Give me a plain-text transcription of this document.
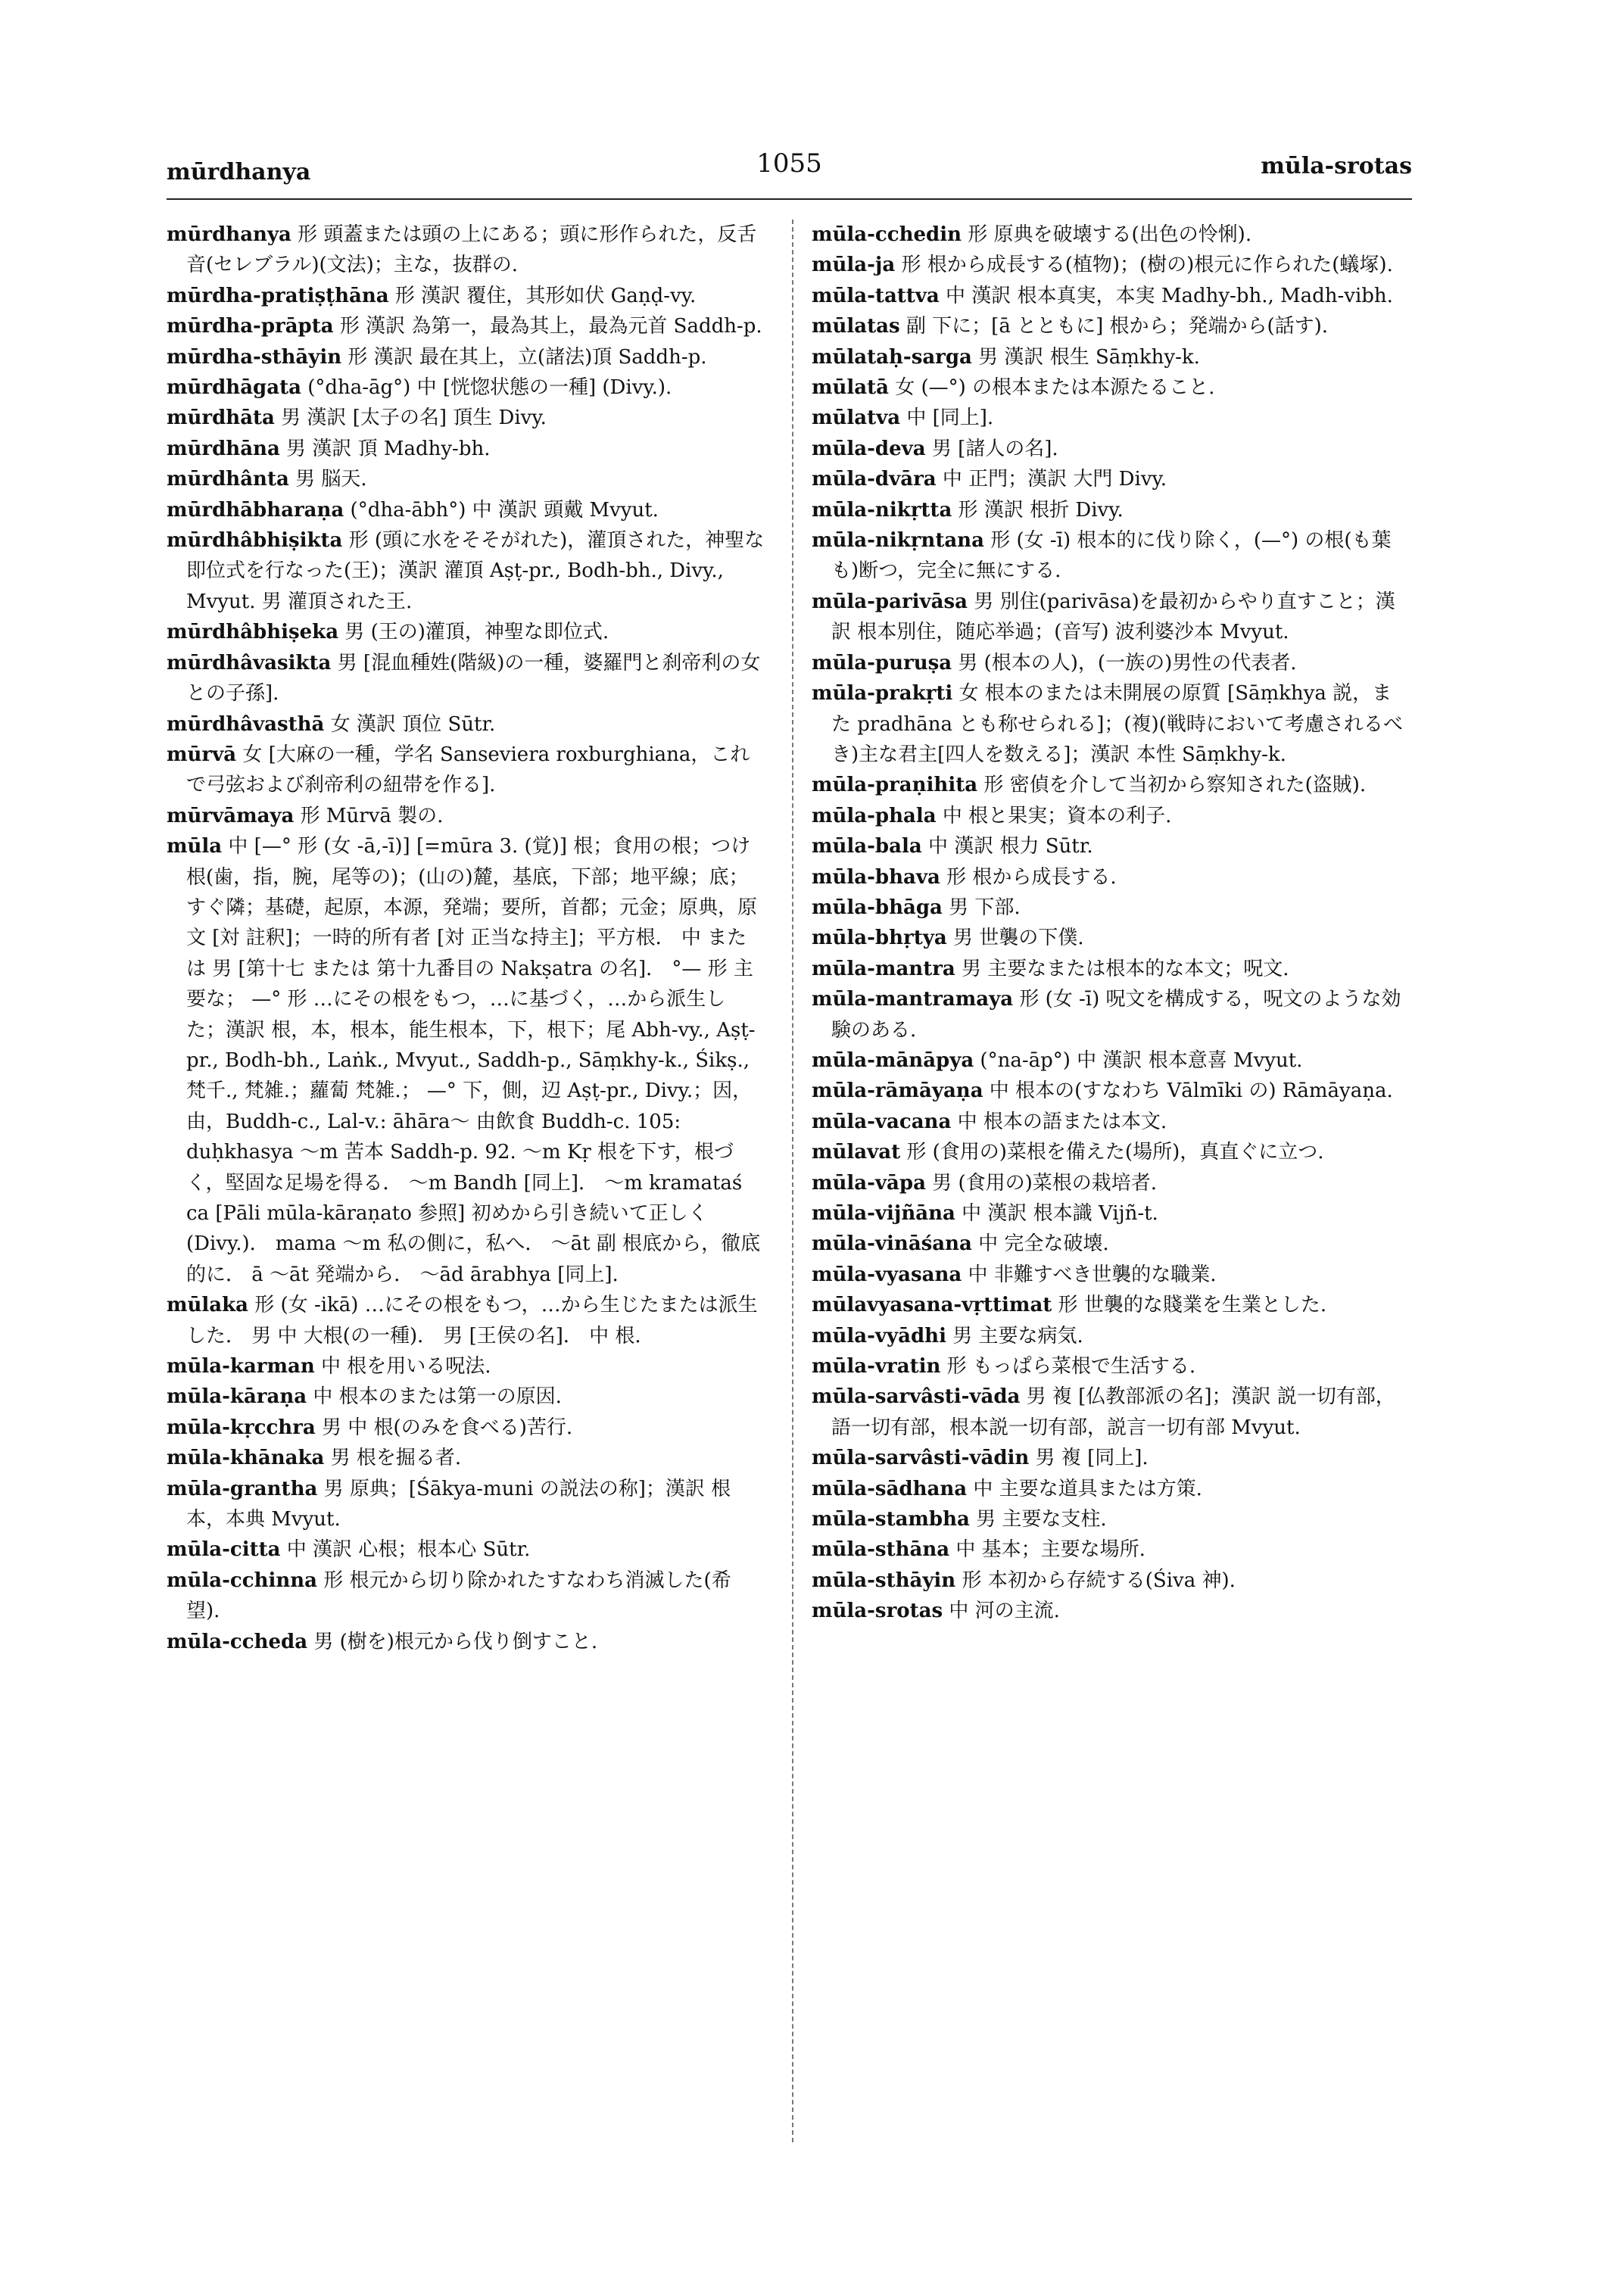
mūrdhanya	1055	mūla-srotas

mūrdhanya 形 頭蓋または頭の上にある；頭に形作られた，反舌音(セレブラル)(文法)；主な，抜群の.

mūrdha-pratiṣṭhāna 形 漢訳 覆住，其形如伏 Gaṇḍ-vy.

mūrdha-prāpta 形 漢訳 為第一，最為其上，最為元首 Saddh-p.

mūrdha-sthāyin 形 漢訳 最在其上，立(諸法)頂 Saddh-p.

mūrdhāgata (°dha-āg°) 中 [恍惚状態の一種] (Divy.).

mūrdhāta 男 漢訳 [太子の名] 頂生 Divy.

mūrdhāna 男 漢訳 頂 Madhy-bh.

mūrdhânta 男 脳天.

mūrdhābharaṇa (°dha-ābh°) 中 漢訳 頭戴 Mvyut.

mūrdhâbhiṣikta 形 (頭に水をそそがれた)，灌頂された，神聖な即位式を行なった(王)；漢訳 灌頂 Aṣṭ-pr., Bodh-bh., Divy., Mvyut. 男 灌頂された王.

mūrdhâbhiṣeka 男 (王の)灌頂，神聖な即位式.

mūrdhâvasikta 男 [混血種姓(階級)の一種，婆羅門と刹帝利の女との子孫].

mūrdhâvasthā 女 漢訳 頂位 Sūtr.

mūrvā 女 [大麻の一種，学名 Sanseviera roxburghiana，これで弓弦および刹帝利の紐帯を作る].

mūrvāmaya 形 Mūrvā 製の.

mūla 中 [—° 形 (女 -ā,-ī)] [=mūra 3. (覚)] 根；食用の根；つけ根(歯，指，腕，尾等の)；(山の)麓，基底，下部；地平線；底；すぐ隣；基礎，起原，本源，発端；要所，首都；元金；原典，原文 [対 註釈]；一時的所有者 [対 正当な持主]；平方根． 中 または 男 [第十七 または 第十九番目の Nakṣatra の名]． °— 形 主要な； —° 形 …にその根をもつ，…に基づく，…から派生した；漢訳 根，本，根本，能生根本，下，根下；尾 Abh-vy., Aṣṭ-pr., Bodh-bh., Laṅk., Mvyut., Saddh-p., Sāṃkhy-k., Śikṣ., 梵千., 梵雑.；蘿蔔 梵雑.； —° 下，側，辺 Aṣṭ-pr., Divy.；因，由，Buddh-c., Lal-v.: āhāra～ 由飲食 Buddh-c. 105: duḥkhasya ～m 苦本 Saddh-p. 92. ～m Kṛ 根を下す，根づく，堅固な足場を得る． ～m Bandh [同上]． ～m kramataś ca [Pāli mūla-kāraṇato 参照] 初めから引き続いて正しく(Divy.)． mama ～m 私の側に，私へ． ～āt 副 根底から，徹底的に． ā ～āt 発端から． ～ād ārabhya [同上].

mūlaka 形 (女 -ikā) …にその根をもつ，…から生じたまたは派生した． 男 中 大根(の一種)． 男 [王侯の名]． 中 根.

mūla-karman 中 根を用いる呪法.

mūla-kāraṇa 中 根本のまたは第一の原因.

mūla-kṛcchra 男 中 根(のみを食べる)苦行.

mūla-khānaka 男 根を掘る者.

mūla-grantha 男 原典；[Śākya-muni の説法の称]；漢訳 根本，本典 Mvyut.

mūla-citta 中 漢訳 心根；根本心 Sūtr.

mūla-cchinna 形 根元から切り除かれたすなわち消滅した(希望).

mūla-ccheda 男 (樹を)根元から伐り倒すこと.

mūla-cchedin 形 原典を破壊する(出色の怜悧).

mūla-ja 形 根から成長する(植物)；(樹の)根元に作られた(蟻塚).

mūla-tattva 中 漢訳 根本真実，本実 Madhy-bh., Madh-vibh.

mūlatas 副 下に；[ā とともに] 根から；発端から(話す).

mūlataḥ-sarga 男 漢訳 根生 Sāṃkhy-k.

mūlatā 女 (—°) の根本または本源たること.

mūlatva 中 [同上].

mūla-deva 男 [諸人の名].

mūla-dvāra 中 正門；漢訳 大門 Divy.

mūla-nikṛtta 形 漢訳 根折 Divy.

mūla-nikṛntana 形 (女 -ī) 根本的に伐り除く，(—°) の根(も葉も)断つ，完全に無にする.

mūla-parivāsa 男 別住(parivāsa)を最初からやり直すこと；漢訳 根本別住，随応举過；(音写) 波利婆沙本 Mvyut.

mūla-puruṣa 男 (根本の人)，(一族の)男性の代表者.

mūla-prakṛti 女 根本のまたは未開展の原質 [Sāṃkhya 説，また pradhāna とも称せられる]；(複)(戦時において考慮されるべき)主な君主[四人を数える]；漢訳 本性 Sāṃkhy-k.

mūla-praṇihita 形 密偵を介して当初から察知された(盗賊).

mūla-phala 中 根と果実；資本の利子.

mūla-bala 中 漢訳 根力 Sūtr.

mūla-bhava 形 根から成長する.

mūla-bhāga 男 下部.

mūla-bhṛtya 男 世襲の下僕.

mūla-mantra 男 主要なまたは根本的な本文；呪文.

mūla-mantramaya 形 (女 -ī) 呪文を構成する，呪文のような効験のある.

mūla-mānāpya (°na-āp°) 中 漢訳 根本意喜 Mvyut.

mūla-rāmāyaṇa 中 根本の(すなわち Vālmīki の) Rāmāyaṇa.

mūla-vacana 中 根本の語または本文.

mūlavat 形 (食用の)菜根を備えた(場所)，真直ぐに立つ.

mūla-vāpa 男 (食用の)菜根の栽培者.

mūla-vijñāna 中 漢訳 根本識 Vijñ-t.

mūla-vināśana 中 完全な破壊.

mūla-vyasana 中 非難すべき世襲的な職業.

mūlavyasana-vṛttimat 形 世襲的な賤業を生業とした.

mūla-vyādhi 男 主要な病気.

mūla-vratin 形 もっぱら菜根で生活する.

mūla-sarvâsti-vāda 男 複 [仏教部派の名]；漢訳 説一切有部，語一切有部，根本説一切有部，説言一切有部 Mvyut.

mūla-sarvâsti-vādin 男 複 [同上].

mūla-sādhana 中 主要な道具または方策.

mūla-stambha 男 主要な支柱.

mūla-sthāna 中 基本；主要な場所.

mūla-sthāyin 形 本初から存続する(Śiva 神).

mūla-srotas 中 河の主流.
